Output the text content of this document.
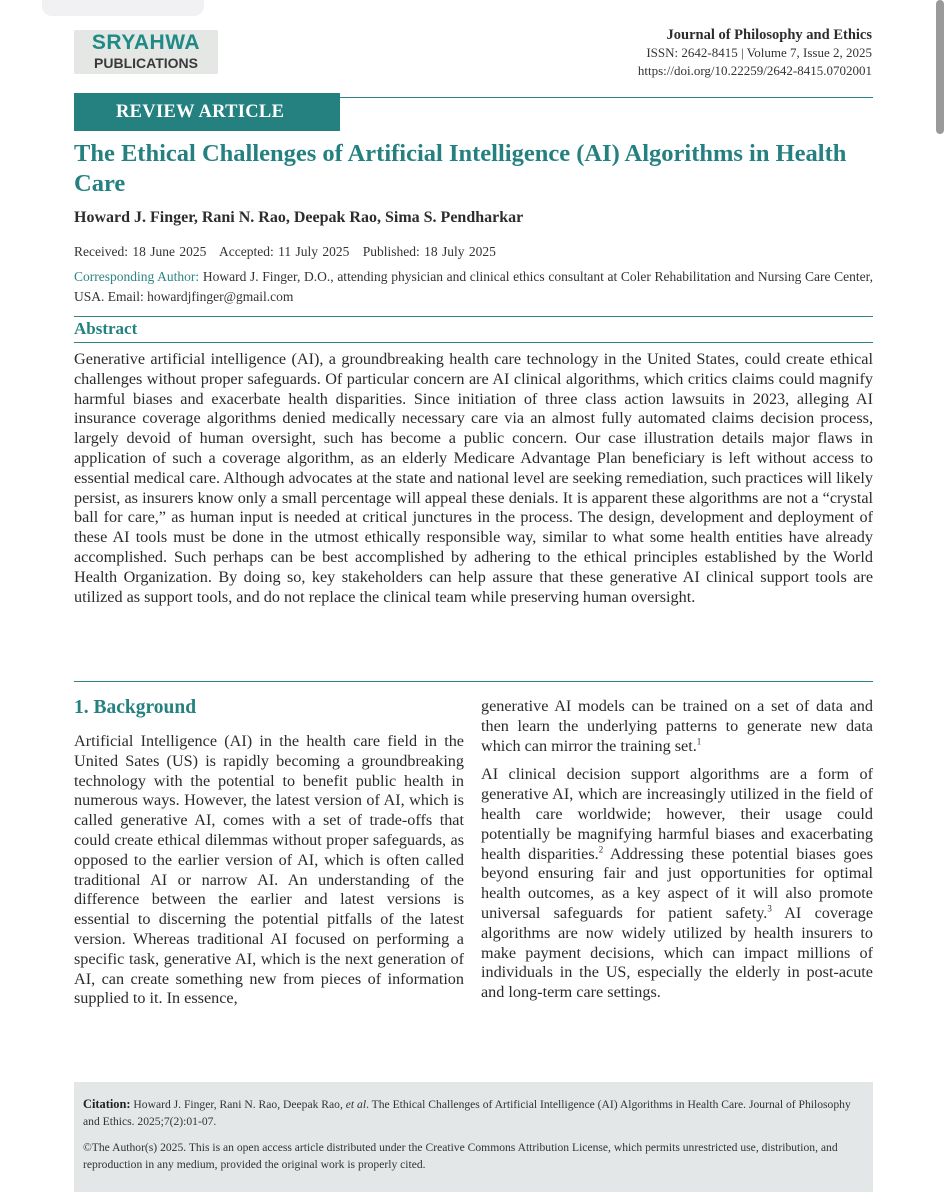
SRYAHWA
PUBLICATIONS
Journal of Philosophy and Ethics
ISSN: 2642-8415 | Volume 7, Issue 2, 2025
https://doi.org/10.22259/2642-8415.0702001
REVIEW ARTICLE
The Ethical Challenges of Artificial Intelligence (AI) Algorithms in Health Care
Howard J. Finger, Rani N. Rao, Deepak Rao, Sima S. Pendharkar
Received: 18 June 2025 Accepted: 11 July 2025 Published: 18 July 2025
Corresponding Author: Howard J. Finger, D.O., attending physician and clinical ethics consultant at Coler Rehabilitation and Nursing Care Center, USA. Email: howardjfinger@gmail.com
Abstract
Generative artificial intelligence (AI), a groundbreaking health care technology in the United States, could create ethical challenges without proper safeguards. Of particular concern are AI clinical algorithms, which critics claims could magnify harmful biases and exacerbate health disparities. Since initiation of three class action lawsuits in 2023, alleging AI insurance coverage algorithms denied medically necessary care via an almost fully automated claims decision process, largely devoid of human oversight, such has become a public concern. Our case illustration details major flaws in application of such a coverage algorithm, as an elderly Medicare Advantage Plan beneficiary is left without access to essential medical care. Although advocates at the state and national level are seeking remediation, such practices will likely persist, as insurers know only a small percentage will appeal these denials. It is apparent these algorithms are not a “crystal ball for care,” as human input is needed at critical junctures in the process. The design, development and deployment of these AI tools must be done in the utmost ethically responsible way, similar to what some health entities have already accomplished. Such perhaps can be best accomplished by adhering to the ethical principles established by the World Health Organization. By doing so, key stakeholders can help assure that these generative AI clinical support tools are utilized as support tools, and do not replace the clinical team while preserving human oversight.
1. Background
Artificial Intelligence (AI) in the health care field in the United Sates (US) is rapidly becoming a groundbreaking technology with the potential to benefit public health in numerous ways. However, the latest version of AI, which is called generative AI, comes with a set of trade-offs that could create ethical dilemmas without proper safeguards, as opposed to the earlier version of AI, which is often called traditional AI or narrow AI. An understanding of the difference between the earlier and latest versions is essential to discerning the potential pitfalls of the latest version. Whereas traditional AI focused on performing a specific task, generative AI, which is the next generation of AI, can create something new from pieces of information supplied to it. In essence,

generative AI models can be trained on a set of data and then learn the underlying patterns to generate new data which can mirror the training set.$^1$

AI clinical decision support algorithms are a form of generative AI, which are increasingly utilized in the field of health care worldwide; however, their usage could potentially be magnifying harmful biases and exacerbating health disparities.$^2$ Addressing these potential biases goes beyond ensuring fair and just opportunities for optimal health outcomes, as a key aspect of it will also promote universal safeguards for patient safety.$^3$ AI coverage algorithms are now widely utilized by health insurers to make payment decisions, which can impact millions of individuals in the US, especially the elderly in post-acute and long-term care settings.

Citation: Howard J. Finger, Rani N. Rao, Deepak Rao, et al. The Ethical Challenges of Artificial Intelligence (AI) Algorithms in Health Care. Journal of Philosophy and Ethics. 2025;7(2):01-07.
©The Author(s) 2025. This is an open access article distributed under the Creative Commons Attribution License, which permits unrestricted use, distribution, and reproduction in any medium, provided the original work is properly cited.
